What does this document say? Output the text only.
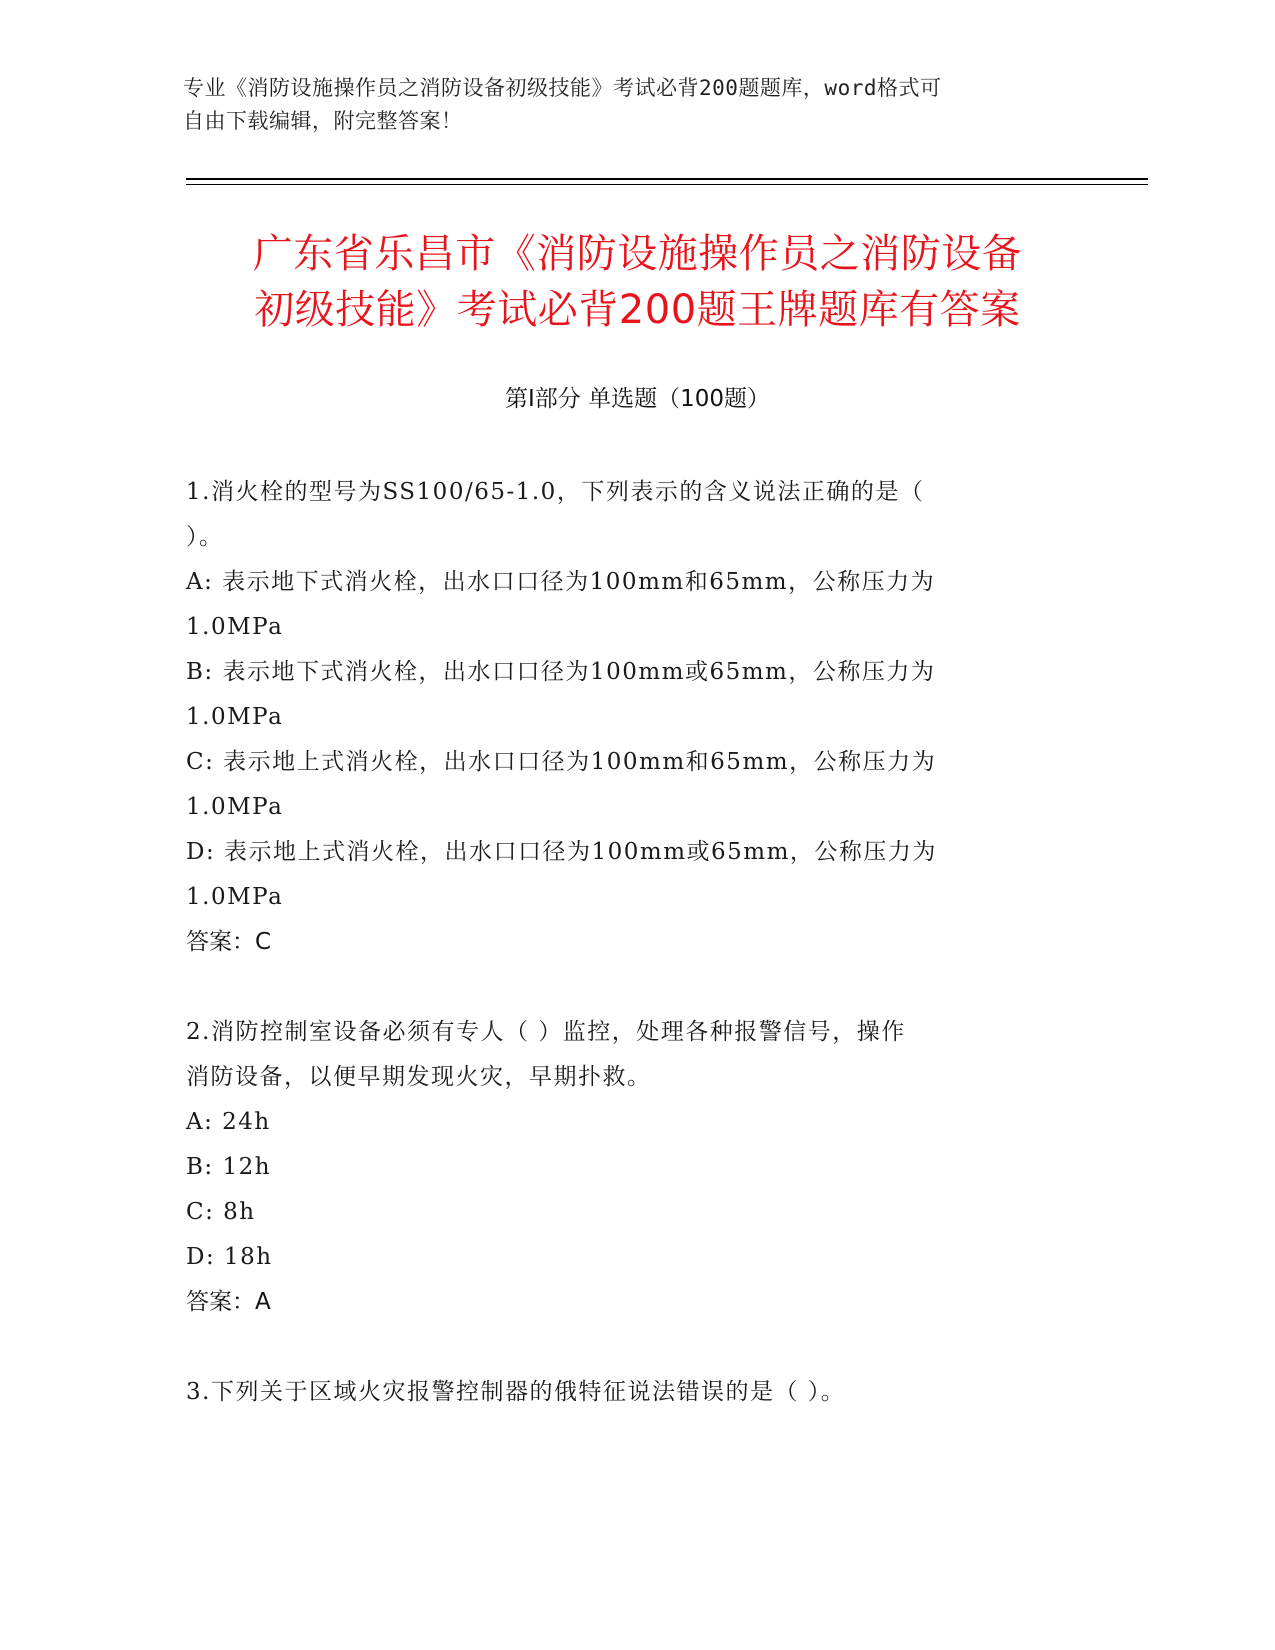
专业《消防设施操作员之消防设备初级技能》考试必背200题题库，word格式可
自由下载编辑，附完整答案！
广东省乐昌市《消防设施操作员之消防设备
初级技能》考试必背200题王牌题库有答案
第I部分 单选题（100题）

1.消火栓的型号为SS100/65-1.0，下列表示的含义说法正确的是（

）。

A: 表示地下式消火栓，出水口口径为100mm和65mm，公称压力为

1.0MPa

B: 表示地下式消火栓，出水口口径为100mm或65mm，公称压力为

1.0MPa

C: 表示地上式消火栓，出水口口径为100mm和65mm，公称压力为

1.0MPa

D: 表示地上式消火栓，出水口口径为100mm或65mm，公称压力为

1.0MPa

答案：C

2.消防控制室设备必须有专人（ ）监控，处理各种报警信号，操作

消防设备，以便早期发现火灾，早期扑救。

A: 24h

B: 12h

C: 8h

D: 18h

答案：A

3.下列关于区域火灾报警控制器的俄特征说法错误的是（ ）。
